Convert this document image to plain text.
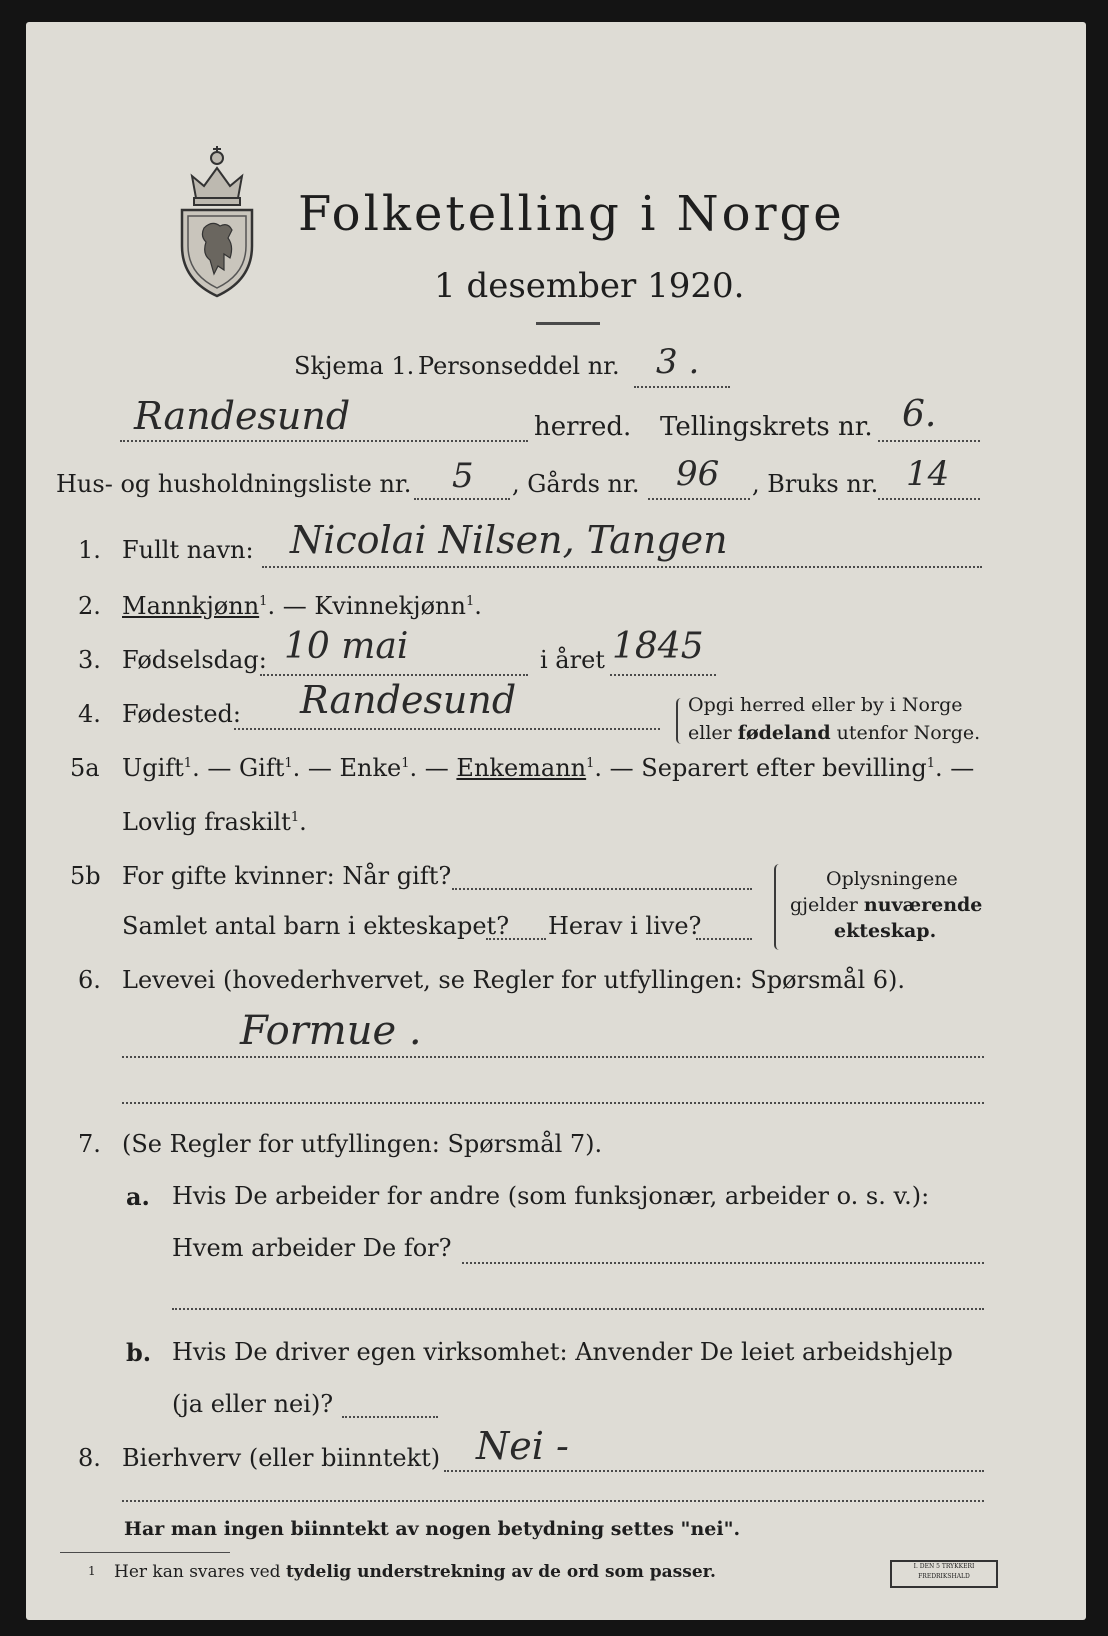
Folketelling i Norge
1 desember 1920.
Skjema 1. Personseddel nr. 3 .
Randesund	herred. Tellingskrets nr. 6.
Hus- og husholdningsliste nr. 5 , Gårds nr. 96 , Bruks nr. 14
1. Fullt navn: Nicolai Nilsen, Tangen
2. Mannkjønn$^1$. — Kvinnekjønn$^1$.
3. Fødselsdag: 10 mai	i året 1845
4. Fødested: Randesund	Opgi herred eller by i Norge
eller fødeland utenfor Norge.
5a Ugift$^1$. — Gift$^1$. — Enke$^1$. — Enkemann$^1$. — Separert efter bevilling$^1$. —
Lovlig fraskilt$^1$.
5b For gifte kvinner: Når gift?
Samlet antal barn i ekteskapet? Herav i live?
Oplysningene
gjelder nuværende
ekteskap.
6. Levevei (hovederhvervet, se Regler for utfyllingen: Spørsmål 6).
Formue .
7. (Se Regler for utfyllingen: Spørsmål 7).
a. Hvis De arbeider for andre (som funksjonær, arbeider o. s. v.):
Hvem arbeider De for?
b. Hvis De driver egen virksomhet: Anvender De leiet arbeidshjelp
(ja eller nei)?
8. Bierhverv (eller biinntekt) Nei -
Har man ingen biinntekt av nogen betydning settes "nei".
1 Her kan svares ved tydelig understrekning av de ord som passer.	I. DEN 5 TRYKKERI
FREDRIKSHALD
